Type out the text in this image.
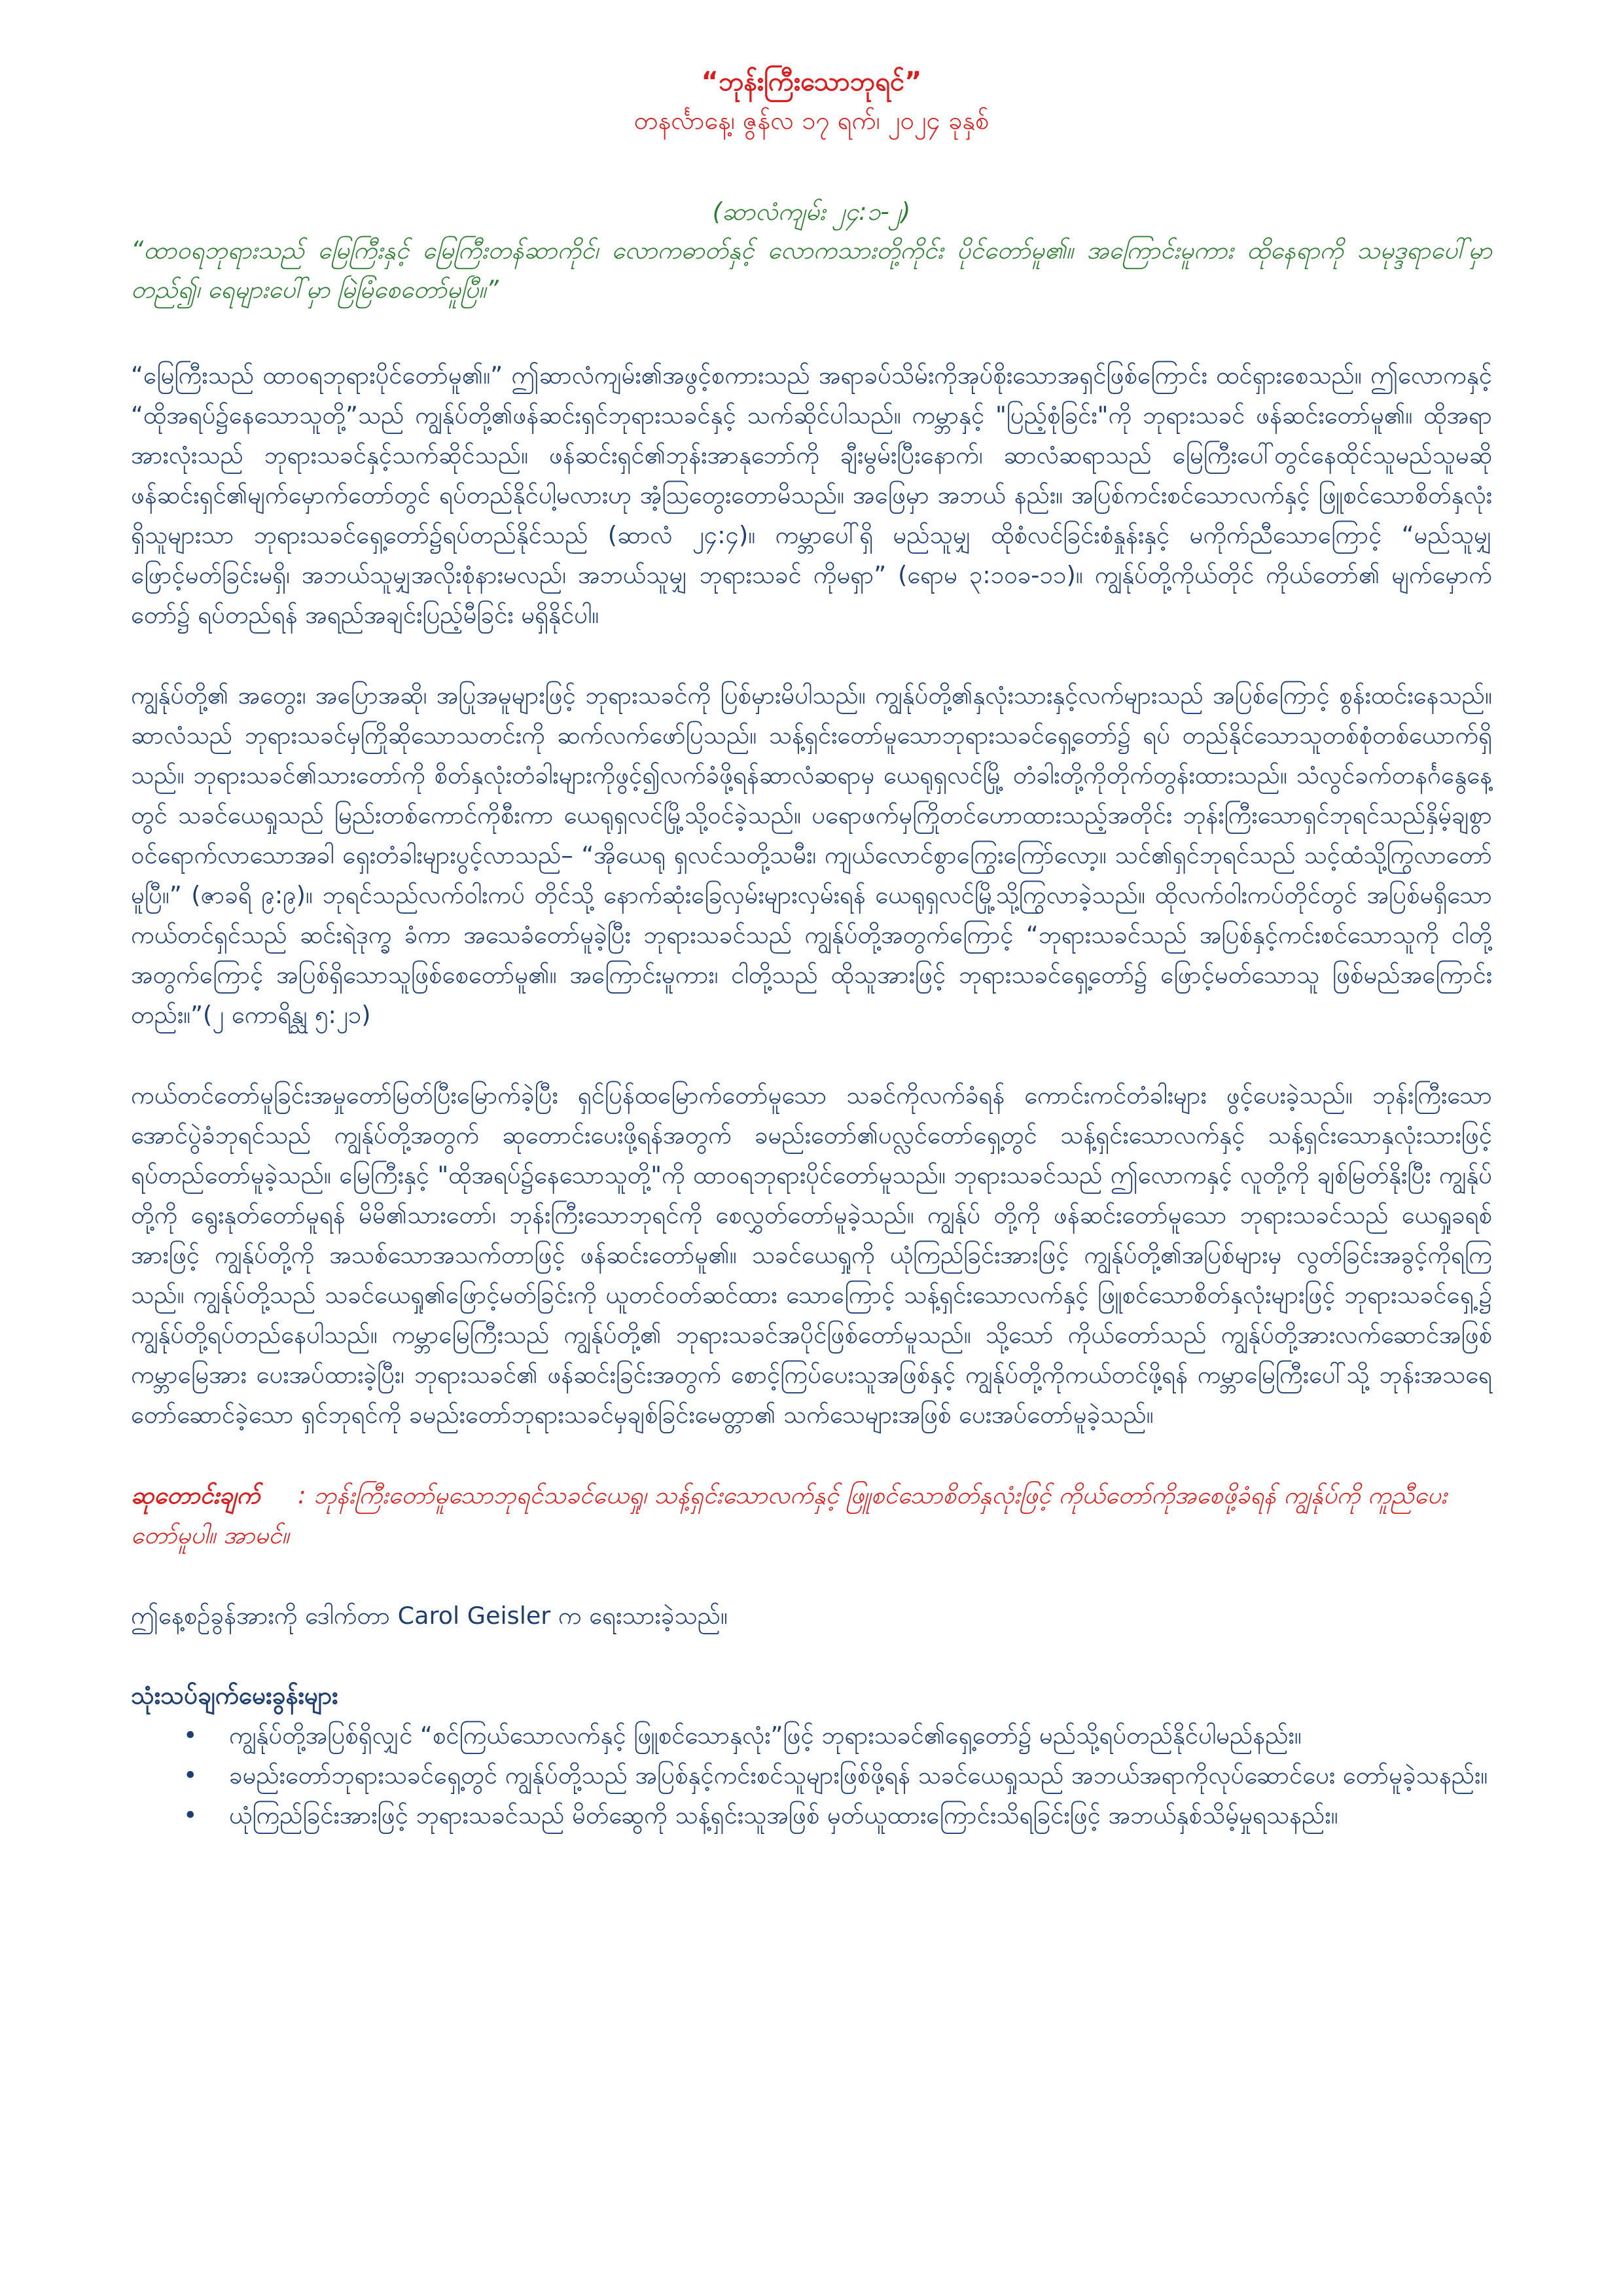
“ဘုန်းကြီးသောဘုရင်”

တနင်္လာနေ့၊ ဇွန်လ ၁၇ ရက်၊ ၂၀၂၄ ခုနှစ်

(ဆာလံကျမ်း ၂၄:၁-၂)

“ထာဝရဘုရားသည် မြေကြီးနှင့် မြေကြီးတန်ဆာကိုင်၊ လောကဓာတ်နှင့် လောကသားတို့ကိုင်း ပိုင်တော်မူ၏။ အကြောင်းမူကား ထိုနေရာကို သမုဒ္ဒရာပေါ်မှာ တည်၍၊ ရေများပေါ်မှာ မြဲမြံစေတော်မူပြီ။”

“မြေကြီးသည် ထာဝရဘုရားပိုင်တော်မူ၏။” ဤဆာလံကျမ်း၏အဖွင့်စကားသည် အရာခပ်သိမ်းကိုအုပ်စိုးသောအရှင်ဖြစ်ကြောင်း ထင်ရှားစေသည်။ ဤလောကနှင့် “ထိုအရပ်၌နေသောသူတို့”သည် ကျွန်ုပ်တို့၏ဖန်ဆင်းရှင်ဘုရားသခင်နှင့် သက်ဆိုင်ပါသည်။ ကမ္ဘာနှင့် "ပြည့်စုံခြင်း"ကို ဘုရားသခင် ဖန်ဆင်းတော်မူ၏။ ထိုအရာအားလုံးသည် ဘုရားသခင်နှင့်သက်ဆိုင်သည်။ ဖန်ဆင်းရှင်၏ဘုန်းအာနုဘော်ကို ချီးမွမ်းပြီးနောက်၊ ဆာလံဆရာသည် မြေကြီးပေါ်တွင်နေထိုင်သူမည်သူမဆို ဖန်ဆင်းရှင်၏မျက်မှောက်တော်တွင် ရပ်တည်နိုင်ပါ့မလားဟု အံ့သြတွေးတောမိသည်။ အဖြေမှာ အဘယ် နည်း။ အပြစ်ကင်းစင်သောလက်နှင့် ဖြူစင်သောစိတ်နှလုံးရှိသူများသာ ဘုရားသခင်ရှေ့တော်၌ရပ်တည်နိုင်သည် (ဆာလံ ၂၄:၄)။ ကမ္ဘာပေါ်ရှိ မည်သူမျှ ထိုစံလင်ခြင်းစံနှုန်းနှင့် မကိုက်ညီသောကြောင့် “မည်သူမျှ ဖြောင့်မတ်ခြင်းမရှိ၊ အဘယ်သူမျှအလိုးစုံနားမလည်၊ အဘယ်သူမျှ ဘုရားသခင် ကိုမရှာ” (ရောမ ၃:၁၀ခ-၁၁)။ ကျွန်ုပ်တို့ကိုယ်တိုင် ကိုယ်တော်၏ မျက်မှောက်တော်၌ ရပ်တည်ရန် အရည်အချင်းပြည့်မီခြင်း မရှိနိုင်ပါ။

ကျွန်ုပ်တို့၏ အတွေး၊ အပြောအဆို၊ အပြုအမူများဖြင့် ဘုရားသခင်ကို ပြစ်မှားမိပါသည်။ ကျွန်ုပ်တို့၏နှလုံးသားနှင့်လက်များသည် အပြစ်ကြောင့် စွန်းထင်းနေသည်။ ဆာလံသည် ဘုရားသခင်မှကြိုဆိုသောသတင်းကို ဆက်လက်ဖော်ပြသည်။ သန့်ရှင်းတော်မူသောဘုရားသခင်ရှေ့တော်၌ ရပ် တည်နိုင်သောသူတစ်စုံတစ်ယောက်ရှိသည်။ ဘုရားသခင်၏သားတော်ကို စိတ်နှလုံးတံခါးများကိုဖွင့်၍လက်ခံဖို့ရန်ဆာလံဆရာမှ ယေရုရှလင်မြို့ တံခါးတို့ကိုတိုက်တွန်းထားသည်။ သံလွင်ခက်တနင်္ဂနွေနေ့တွင် သခင်ယေရှုသည် မြည်းတစ်ကောင်ကိုစီးကာ ယေရုရှလင်မြို့သို့ဝင်ခဲ့သည်။ ပရောဖက်မှကြိုတင်ဟောထားသည့်အတိုင်း ဘုန်းကြီးသောရှင်ဘုရင်သည်နှိမ့်ချစွာဝင်ရောက်လာသောအခါ ရှေးတံခါးများပွင့်လာသည်– “အိုယေရု ရှလင်သတို့သမီး၊ ကျယ်လောင်စွာကြွေးကြော်လော့။ သင်၏ရှင်ဘုရင်သည် သင့်ထံသို့ကြွလာတော်မူပြီ။” (ဇာခရိ ၉:၉)။ ဘုရင်သည်လက်ဝါးကပ် တိုင်သို့ နောက်ဆုံးခြေလှမ်းများလှမ်းရန် ယေရုရှလင်မြို့သို့ကြွလာခဲ့သည်။ ထိုလက်ဝါးကပ်တိုင်တွင် အပြစ်မရှိသောကယ်တင်ရှင်သည် ဆင်းရဲဒုက္ခ ခံကာ အသေခံတော်မူခဲ့ပြီး ဘုရားသခင်သည် ကျွန်ုပ်တို့အတွက်ကြောင့် “ဘုရားသခင်သည် အပြစ်နှင့်ကင်းစင်သောသူကို ငါတို့အတွက်ကြောင့် အပြစ်ရှိသောသူဖြစ်စေတော်မူ၏။ အကြောင်းမူကား၊ ငါတို့သည် ထိုသူအားဖြင့် ဘုရားသခင်ရှေ့တော်၌ ဖြောင့်မတ်သောသူ ဖြစ်မည်အကြောင်း တည်း။”(၂ ကောရိန္သု ၅:၂၁)

ကယ်တင်တော်မူခြင်းအမှုတော်မြတ်ပြီးမြောက်ခဲ့ပြီး ရှင်ပြန်ထမြောက်တော်မူသော သခင်ကိုလက်ခံရန် ကောင်းကင်တံခါးများ ဖွင့်ပေးခဲ့သည်။ ဘုန်းကြီးသော အောင်ပွဲခံဘုရင်သည် ကျွန်ုပ်တို့အတွက် ဆုတောင်းပေးဖို့ရန်အတွက် ခမည်းတော်၏ပလ္လင်တော်ရှေ့တွင် သန့်ရှင်းသောလက်နှင့် သန့်ရှင်းသောနှလုံးသားဖြင့် ရပ်တည်တော်မူခဲ့သည်။ မြေကြီးနှင့် "ထိုအရပ်၌နေသောသူတို့"ကို ထာဝရဘုရားပိုင်တော်မူသည်။ ဘုရားသခင်သည် ဤလောကနှင့် လူတို့ကို ချစ်မြတ်နိုးပြီး ကျွန်ုပ်တို့ကို ရွေးနုတ်တော်မူရန် မိမိ၏သားတော်၊ ဘုန်းကြီးသောဘုရင်ကို စေလွှတ်တော်မူခဲ့သည်။ ကျွန်ုပ် တို့ကို ဖန်ဆင်းတော်မူသော ဘုရားသခင်သည် ယေရှုခရစ်အားဖြင့် ကျွန်ုပ်တို့ကို အသစ်သောအသက်တာဖြင့် ဖန်ဆင်းတော်မူ၏။ သခင်ယေရှုကို ယုံကြည်ခြင်းအားဖြင့် ကျွန်ုပ်တို့၏အပြစ်များမှ လွတ်ခြင်းအခွင့်ကိုရကြသည်။ ကျွန်ုပ်တို့သည် သခင်ယေရှု၏ဖြောင့်မတ်ခြင်းကို ယူတင်ဝတ်ဆင်ထား သောကြောင့် သန့်ရှင်းသောလက်နှင့် ဖြူစင်သောစိတ်နှလုံးများဖြင့် ဘုရားသခင်ရှေ့၌ ကျွန်ုပ်တို့ရပ်တည်နေပါသည်။ ကမ္ဘာမြေကြီးသည် ကျွန်ုပ်တို့၏ ဘုရားသခင်အပိုင်ဖြစ်တော်မူသည်။ သို့သော် ကိုယ်တော်သည် ကျွန်ုပ်တို့အားလက်ဆောင်အဖြစ် ကမ္ဘာမြေအား ပေးအပ်ထားခဲ့ပြီး၊ ဘုရားသခင်၏ ဖန်ဆင်းခြင်းအတွက် စောင့်ကြပ်ပေးသူအဖြစ်နှင့် ကျွန်ုပ်တို့ကိုကယ်တင်ဖို့ရန် ကမ္ဘာမြေကြီးပေါ်သို့ ဘုန်းအသရေတော်ဆောင်ခဲ့သော ရှင်ဘုရင်ကို ခမည်းတော်ဘုရားသခင်မှချစ်ခြင်းမေတ္တာ၏ သက်သေများအဖြစ် ပေးအပ်တော်မူခဲ့သည်။

ဆုတောင်းချက် : ဘုန်းကြီးတော်မူသောဘုရင်သခင်ယေရှု၊ သန့်ရှင်းသောလက်နှင့် ဖြူစင်သောစိတ်နှလုံးဖြင့် ကိုယ်တော်ကိုအစေဖို့ခံရန် ကျွန်ုပ်ကို ကူညီပေးတော်မူပါ။ အာမင်။

ဤနေ့စဉ်ခွန်အားကို ဒေါက်တာ Carol Geisler က ရေးသားခဲ့သည်။

သုံးသပ်ချက်မေးခွန်းများ

• ကျွန်ုပ်တို့အပြစ်ရှိလျှင် “စင်ကြယ်သောလက်နှင့် ဖြူစင်သောနှလုံး”ဖြင့် ဘုရားသခင်၏ရှေ့တော်၌ မည်သို့ရပ်တည်နိုင်ပါမည်နည်း။
• ခမည်းတော်ဘုရားသခင်ရှေ့တွင် ကျွန်ုပ်တို့သည် အပြစ်နှင့်ကင်းစင်သူများဖြစ်ဖို့ရန် သခင်ယေရှုသည် အဘယ်အရာကိုလုပ်ဆောင်ပေး တော်မူခဲ့သနည်း။
• ယုံကြည်ခြင်းအားဖြင့် ဘုရားသခင်သည် မိတ်ဆွေကို သန့်ရှင်းသူအဖြစ် မှတ်ယူထားကြောင်းသိရခြင်းဖြင့် အဘယ်နှစ်သိမ့်မှုရသနည်း။
